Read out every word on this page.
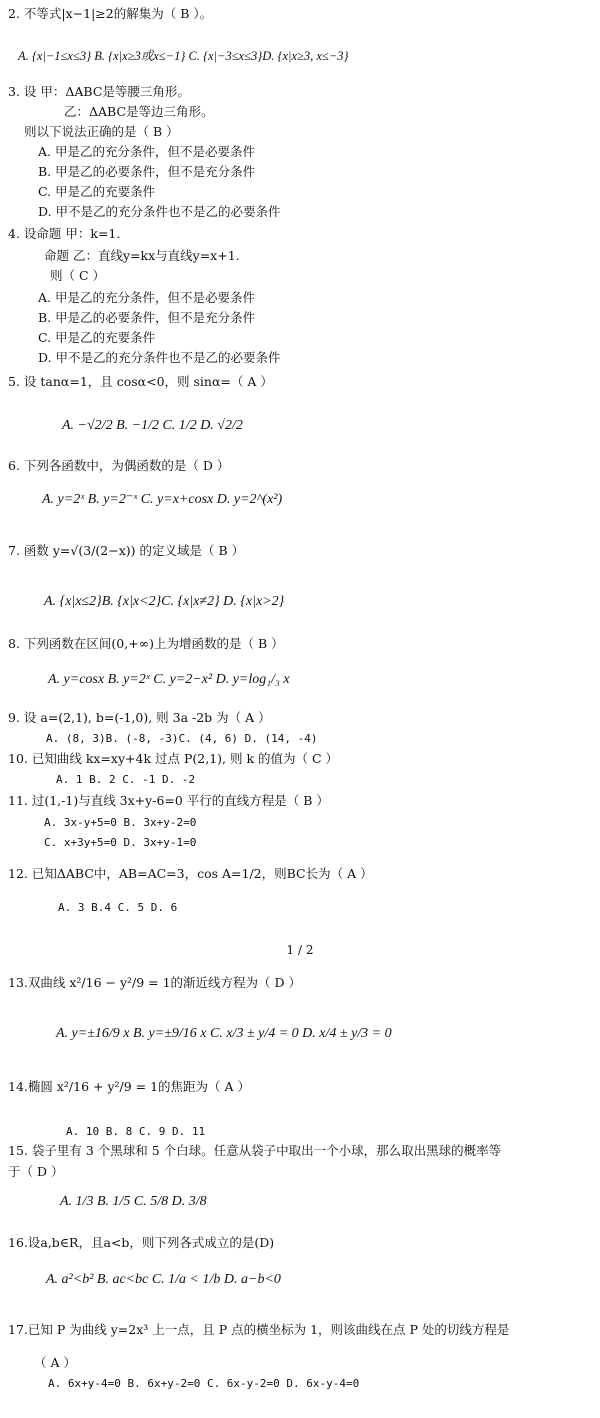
2. 不等式|x−1|≥2的解集为（ B ）。
A. {x|−1≤x≤3} B. {x|x≥3或x≤−1} C. {x|−3≤x≤3}D. {x|x≥3, x≤−3}
3. 设 甲：ΔABC是等腰三角形。
乙：ΔABC是等边三角形。
则以下说法正确的是（ B ）
A. 甲是乙的充分条件，但不是必要条件
B. 甲是乙的必要条件，但不是充分条件
C. 甲是乙的充要条件
D. 甲不是乙的充分条件也不是乙的必要条件
4. 设命题 甲：k=1.
命题 乙：直线y=kx与直线y=x+1.
则（ C ）
A. 甲是乙的充分条件，但不是必要条件
B. 甲是乙的必要条件，但不是充分条件
C. 甲是乙的充要条件
D. 甲不是乙的充分条件也不是乙的必要条件
5. 设 tanα=1，且 cosα<0，则 sinα=（ A ）
A. −√2/2 B. −1/2 C. 1/2 D. √2/2
6. 下列各函数中，为偶函数的是（ D ）
A. y=2ˣ B. y=2⁻ˣ C. y=x+cosx D. y=2^(x²)
7. 函数 y=√(3/(2−x)) 的定义域是（ B ）
A. {x|x≤2}B. {x|x<2}C. {x|x≠2} D. {x|x>2}
8. 下列函数在区间(0,+∞)上为增函数的是（ B ）
A. y=cosx B. y=2ˣ C. y=2−x² D. y=log₁/₃ x
9. 设 a=(2,1), b=(-1,0), 则 3a -2b 为（ A ）
A. (8, 3)B. (-8, -3)C. (4, 6) D. (14, -4)
10. 已知曲线 kx=xy+4k 过点 P(2,1), 则 k 的值为（ C ）
A. 1 B. 2 C. -1 D. -2
11. 过(1,-1)与直线 3x+y-6=0 平行的直线方程是（ B ）
A. 3x-y+5=0 B. 3x+y-2=0
C. x+3y+5=0 D. 3x+y-1=0
12. 已知ΔABC中，AB=AC=3，cos A=1/2，则BC长为（ A ）
A. 3 B.4 C. 5 D. 6
1 / 2
13.双曲线 x²/16 − y²/9 = 1的渐近线方程为（ D ）
A. y=±16/9 x B. y=±9/16 x C. x/3 ± y/4 = 0 D. x/4 ± y/3 = 0
14.椭圆 x²/16 + y²/9 = 1的焦距为（ A ）
A. 10 B. 8 C. 9 D. 11
15. 袋子里有 3 个黑球和 5 个白球。任意从袋子中取出一个小球，那么取出黑球的概率等
于（ D ）
A. 1/3 B. 1/5 C. 5/8 D. 3/8
16.设a,b∈R，且a<b，则下列各式成立的是(D)
A. a²<b² B. ac<bc C. 1/a < 1/b D. a−b<0
17.已知 P 为曲线 y=2x³ 上一点，且 P 点的横坐标为 1，则该曲线在点 P 处的切线方程是
（ A ）
A. 6x+y-4=0 B. 6x+y-2=0 C. 6x-y-2=0 D. 6x-y-4=0
